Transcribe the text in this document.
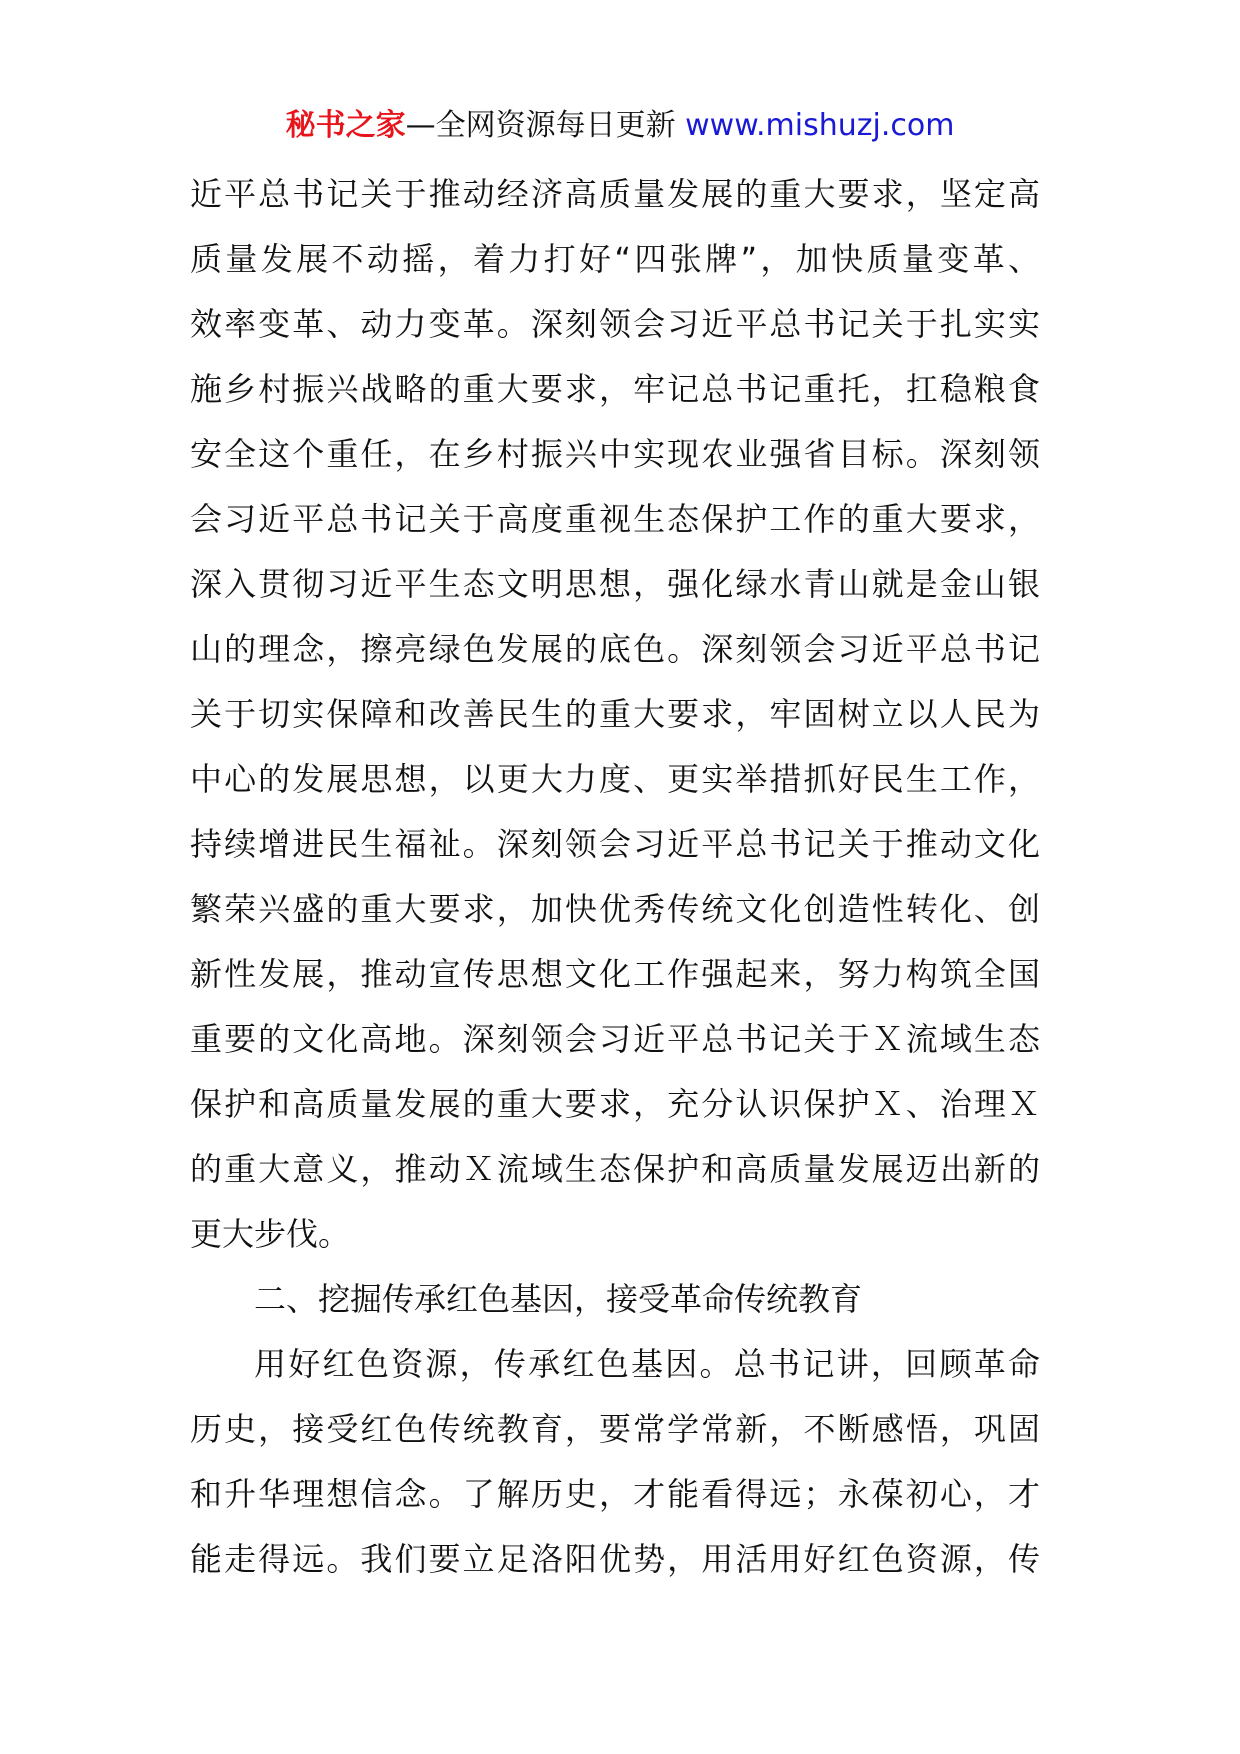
秘书之家—全网资源每日更新 www.mishuzj.com
近平总书记关于推动经济高质量发展的重大要求，坚定高
质量发展不动摇，着力打好“四张牌”，加快质量变革、
效率变革、动力变革。深刻领会习近平总书记关于扎实实
施乡村振兴战略的重大要求，牢记总书记重托，扛稳粮食
安全这个重任，在乡村振兴中实现农业强省目标。深刻领
会习近平总书记关于高度重视生态保护工作的重大要求，
深入贯彻习近平生态文明思想，强化绿水青山就是金山银
山的理念，擦亮绿色发展的底色。深刻领会习近平总书记
关于切实保障和改善民生的重大要求，牢固树立以人民为
中心的发展思想，以更大力度、更实举措抓好民生工作，
持续增进民生福祉。深刻领会习近平总书记关于推动文化
繁荣兴盛的重大要求，加快优秀传统文化创造性转化、创
新性发展，推动宣传思想文化工作强起来，努力构筑全国
重要的文化高地。深刻领会习近平总书记关于Ｘ流域生态
保护和高质量发展的重大要求，充分认识保护Ｘ、治理Ｘ
的重大意义，推动Ｘ流域生态保护和高质量发展迈出新的
更大步伐。
二、挖掘传承红色基因，接受革命传统教育
用好红色资源，传承红色基因。总书记讲，回顾革命
历史，接受红色传统教育，要常学常新，不断感悟，巩固
和升华理想信念。了解历史，才能看得远；永葆初心，才
能走得远。我们要立足洛阳优势，用活用好红色资源，传
